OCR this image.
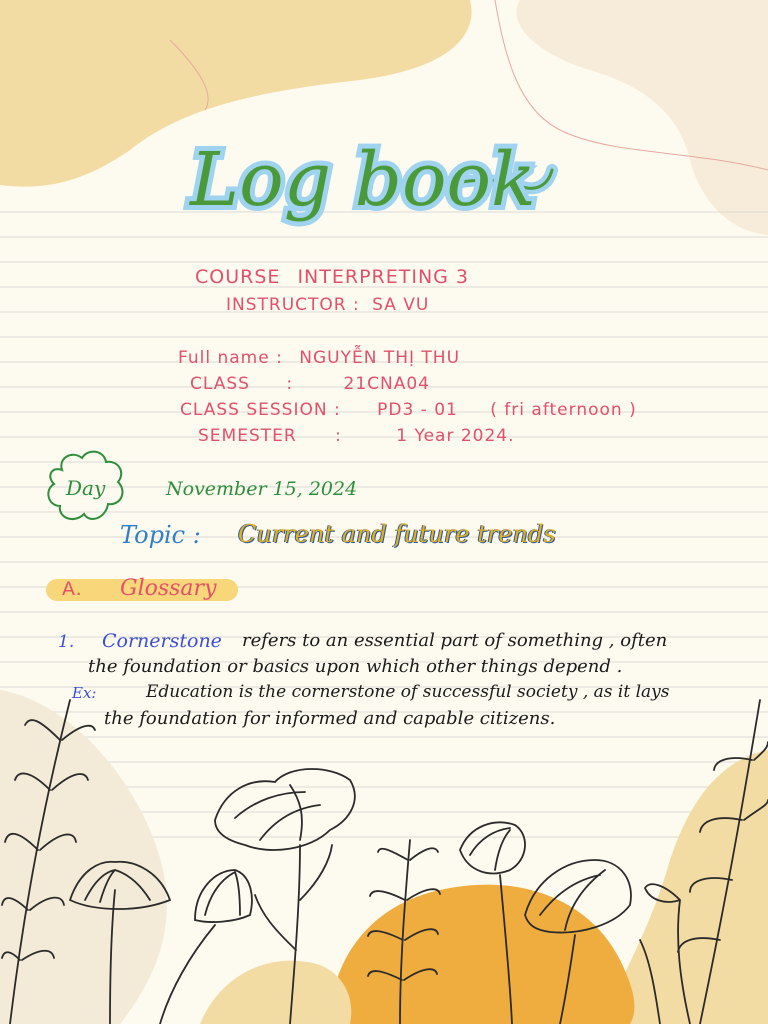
Log book
COURSE INTERPRETING 3
INSTRUCTOR : SA VU
Full name : NGUYỄN THỊ THU
CLASS :	21CNA04
CLASS SESSION : PD3 - 01 ( fri afternoon )
SEMESTER :	1 Year 2024.
Day	November 15, 2024
Topic : Current and future trends
A. Glossary
1. Cornerstone refers to an essential part of something , often
the foundation or basics upon which other things depend .
Ex:	Education is the cornerstone of successful society , as it lays
the foundation for informed and capable citizens.
